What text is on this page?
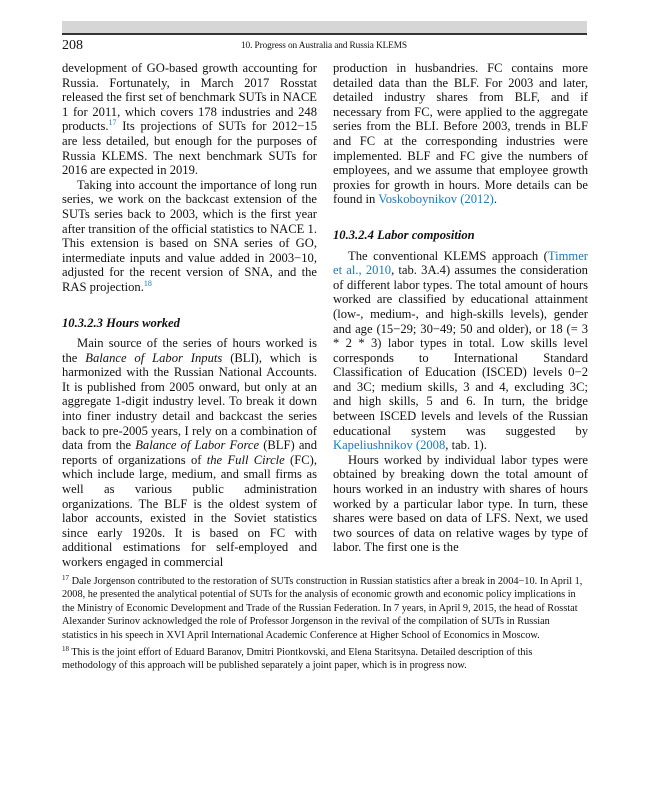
208	10. Progress on Australia and Russia KLEMS

development of GO-based growth accounting for Russia. Fortunately, in March 2017 Rosstat released the first set of benchmark SUTs in NACE 1 for 2011, which covers 178 industries and 248 products.$^{17}$ Its projections of SUTs for 2012−15 are less detailed, but enough for the purposes of Russia KLEMS. The next benchmark SUTs for 2016 are expected in 2019.

Taking into account the importance of long run series, we work on the backcast extension of the SUTs series back to 2003, which is the first year after transition of the official statistics to NACE 1. This extension is based on SNA series of GO, intermediate inputs and value added in 2003−10, adjusted for the recent version of SNA, and the RAS projection.$^{18}$

10.3.2.3 Hours worked

Main source of the series of hours worked is the Balance of Labor Inputs (BLI), which is harmonized with the Russian National Accounts. It is published from 2005 onward, but only at an aggregate 1-digit industry level. To break it down into finer industry detail and backcast the series back to pre-2005 years, I rely on a combination of data from the Balance of Labor Force (BLF) and reports of organizations of the Full Circle (FC), which include large, medium, and small firms as well as various public administration organizations. The BLF is the oldest system of labor accounts, existed in the Soviet statistics since early 1920s. It is based on FC with additional estimations for self-employed and workers engaged in commercial

production in husbandries. FC contains more detailed data than the BLF. For 2003 and later, detailed industry shares from BLF, and if necessary from FC, were applied to the aggregate series from the BLI. Before 2003, trends in BLF and FC at the corresponding industries were implemented. BLF and FC give the numbers of employees, and we assume that employee growth proxies for growth in hours. More details can be found in Voskoboynikov (2012).

10.3.2.4 Labor composition

The conventional KLEMS approach (Timmer et al., 2010, tab. 3A.4) assumes the consideration of different labor types. The total amount of hours worked are classified by educational attainment (low-, medium-, and high-skills levels), gender and age (15−29; 30−49; 50 and older), or 18 (= 3 * 2 * 3) labor types in total. Low skills level corresponds to International Standard Classification of Education (ISCED) levels 0−2 and 3C; medium skills, 3 and 4, excluding 3C; and high skills, 5 and 6. In turn, the bridge between ISCED levels and levels of the Russian educational system was suggested by Kapeliushnikov (2008, tab. 1).

Hours worked by individual labor types were obtained by breaking down the total amount of hours worked in an industry with shares of hours worked by a particular labor type. In turn, these shares were based on data of LFS. Next, we used two sources of data on relative wages by type of labor. The first one is the

$^{17}$ Dale Jorgenson contributed to the restoration of SUTs construction in Russian statistics after a break in 2004−10. In April 1, 2008, he presented the analytical potential of SUTs for the analysis of economic growth and economic policy implications in the Ministry of Economic Development and Trade of the Russian Federation. In 7 years, in April 9, 2015, the head of Rosstat Alexander Surinov acknowledged the role of Professor Jorgenson in the revival of the compilation of SUTs in Russian statistics in his speech in XVI April International Academic Conference at Higher School of Economics in Moscow.

$^{18}$ This is the joint effort of Eduard Baranov, Dmitri Piontkovski, and Elena Staritsyna. Detailed description of this methodology of this approach will be published separately a joint paper, which is in progress now.
